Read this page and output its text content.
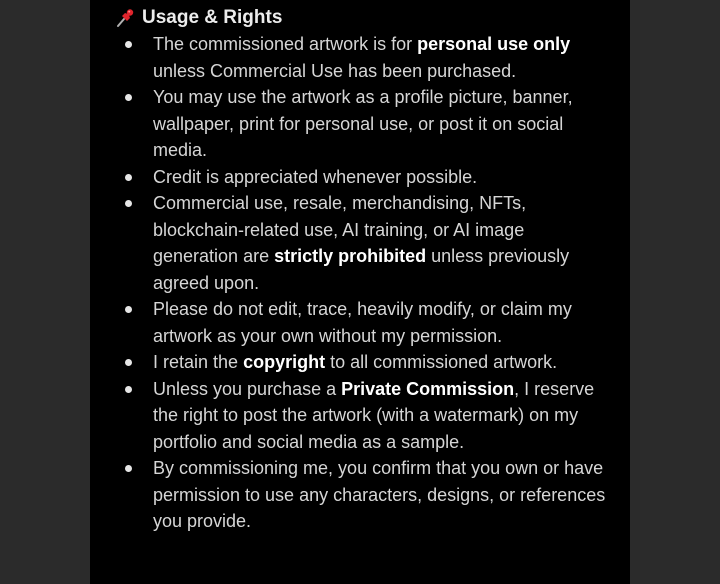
Usage & Rights
The commissioned artwork is for personal use only unless Commercial Use has been purchased.
You may use the artwork as a profile picture, banner, wallpaper, print for personal use, or post it on social media.
Credit is appreciated whenever possible.
Commercial use, resale, merchandising, NFTs, blockchain-related use, AI training, or AI image generation are strictly prohibited unless previously agreed upon.
Please do not edit, trace, heavily modify, or claim my artwork as your own without my permission.
I retain the copyright to all commissioned artwork.
Unless you purchase a Private Commission, I reserve the right to post the artwork (with a watermark) on my portfolio and social media as a sample.
By commissioning me, you confirm that you own or have permission to use any characters, designs, or references you provide.
